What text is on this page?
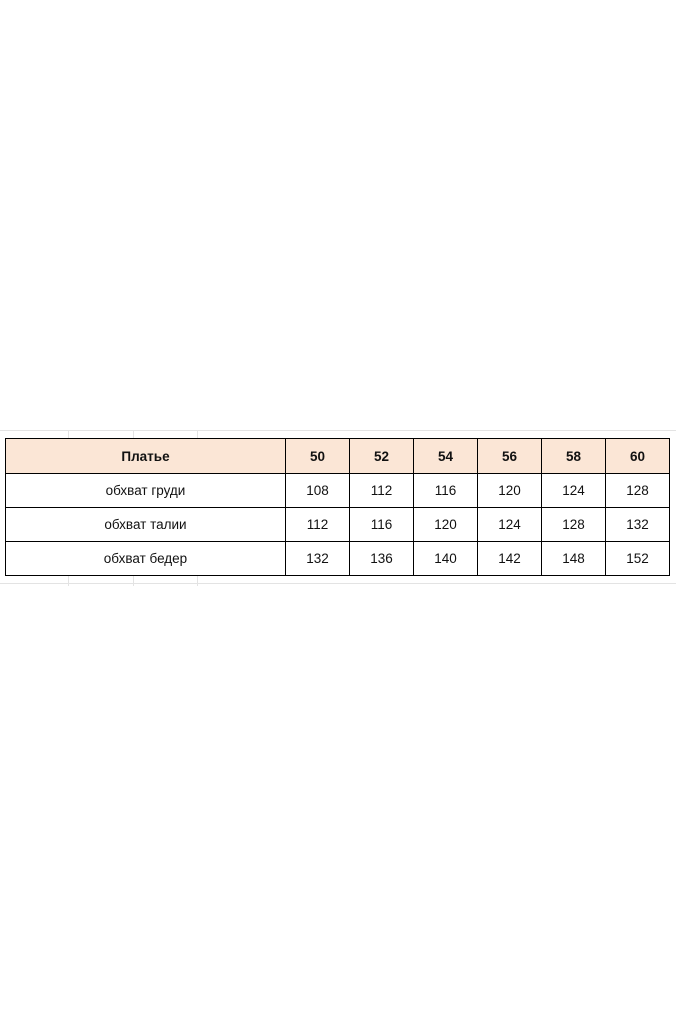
Платье	50	52	54	56	58	60
обхват груди	108	112	116	120	124	128
обхват талии	112	116	120	124	128	132
обхват бедер	132	136	140	142	148	152
